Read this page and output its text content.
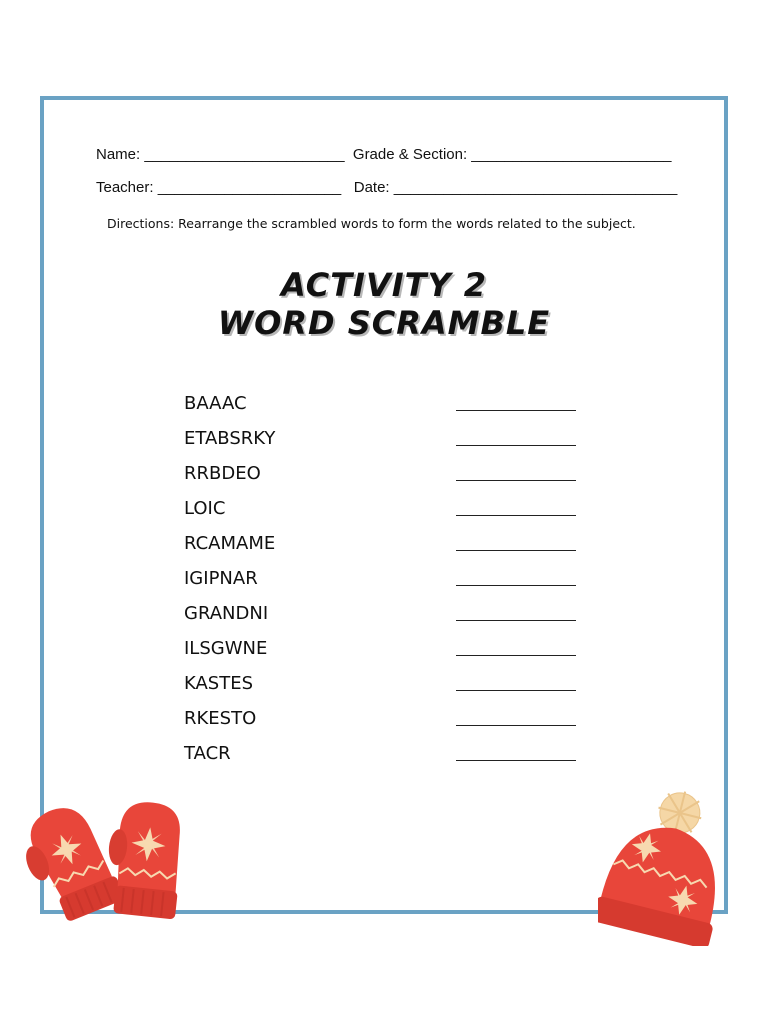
Name: ________________________  Grade & Section: ________________________
Teacher: ______________________   Date: __________________________________
Directions: Rearrange the scrambled words to form the words related to the subject.
ACTIVITY 2
WORD SCRAMBLE
BAAAC
ETABSRKY
RRBDEO
LOIC
RCAMAME
IGIPNAR
GRANDNI
ILSGWNE
KASTES
RKESTO
TACR
